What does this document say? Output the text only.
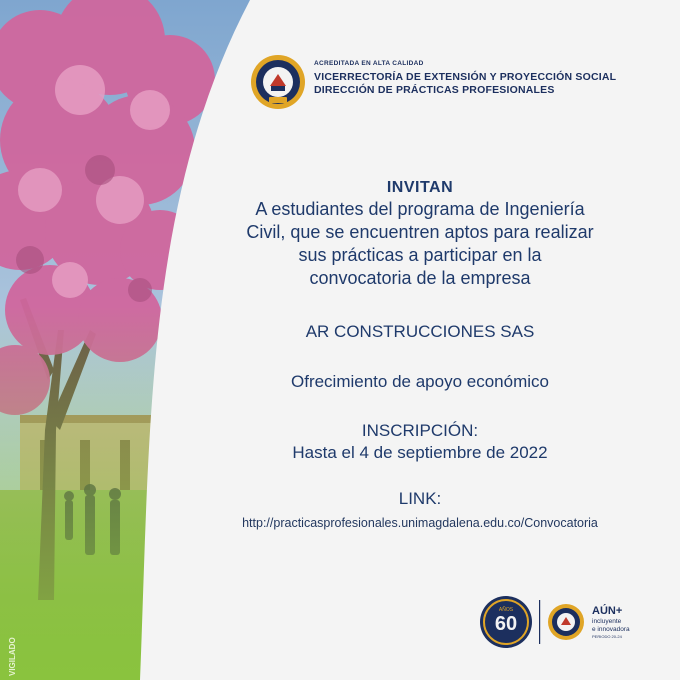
ACREDITADA EN ALTA CALIDAD
VICERRECTORÍA DE EXTENSIÓN Y PROYECCIÓN SOCIAL
DIRECCIÓN DE PRÁCTICAS PROFESIONALES
INVITAN
A estudiantes del programa de Ingeniería
Civil, que se encuentren aptos para realizar
sus prácticas a participar en la
convocatoria de la empresa
AR CONSTRUCCIONES SAS
Ofrecimiento de apoyo económico
INSCRIPCIÓN:
Hasta el 4 de septiembre de 2022
LINK:
http://practicasprofesionales.unimagdalena.edu.co/Convocatoria
AÑOS
60
AÚN+
incluyente
e innovadora
PERIODO 20-24
VIGILADO
